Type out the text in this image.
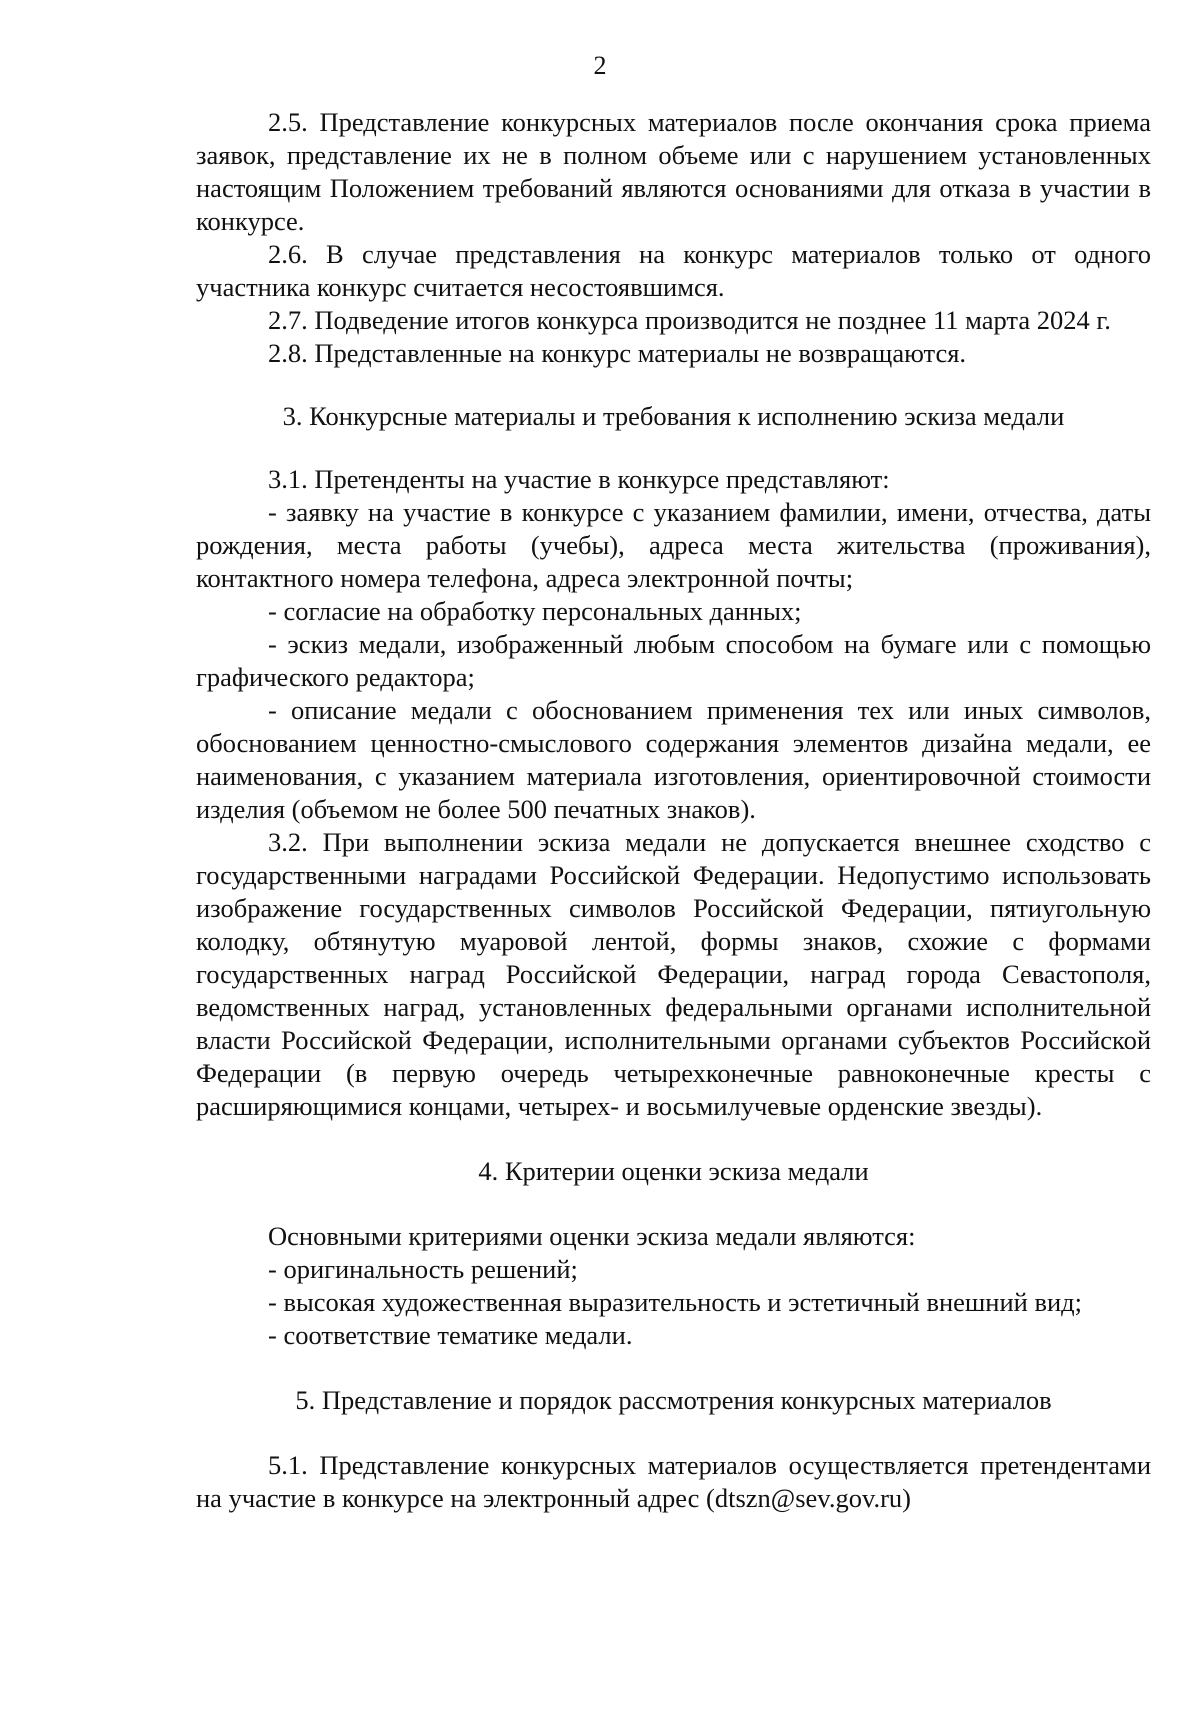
2

2.5. Представление конкурсных материалов после окончания срока приема заявок, представление их не в полном объеме или с нарушением установленных настоящим Положением требований являются основаниями для отказа в участии в конкурсе.

2.6. В случае представления на конкурс материалов только от одного участника конкурс считается несостоявшимся.

2.7. Подведение итогов конкурса производится не позднее 11 марта 2024 г.

2.8. Представленные на конкурс материалы не возвращаются.

3. Конкурсные материалы и требования к исполнению эскиза медали

3.1. Претенденты на участие в конкурсе представляют:

- заявку на участие в конкурсе с указанием фамилии, имени, отчества, даты рождения, места работы (учебы), адреса места жительства (проживания), контактного номера телефона, адреса электронной почты;

- согласие на обработку персональных данных;

- эскиз медали, изображенный любым способом на бумаге или с помощью графического редактора;

- описание медали с обоснованием применения тех или иных символов, обоснованием ценностно-смыслового содержания элементов дизайна медали, ее наименования, с указанием материала изготовления, ориентировочной стоимости изделия (объемом не более 500 печатных знаков).

3.2. При выполнении эскиза медали не допускается внешнее сходство с государственными наградами Российской Федерации. Недопустимо использовать изображение государственных символов Российской Федерации, пятиугольную колодку, обтянутую муаровой лентой, формы знаков, схожие с формами государственных наград Российской Федерации, наград города Севастополя, ведомственных наград, установленных федеральными органами исполнительной власти Российской Федерации, исполнительными органами субъектов Российской Федерации (в первую очередь четырехконечные равноконечные кресты с расширяющимися концами, четырех- и восьмилучевые орденские звезды).

4. Критерии оценки эскиза медали

Основными критериями оценки эскиза медали являются:

- оригинальность решений;

- высокая художественная выразительность и эстетичный внешний вид;

- соответствие тематике медали.

5. Представление и порядок рассмотрения конкурсных материалов

5.1. Представление конкурсных материалов осуществляется претендентами на участие в конкурсе на электронный адрес (dtszn@sev.gov.ru)
